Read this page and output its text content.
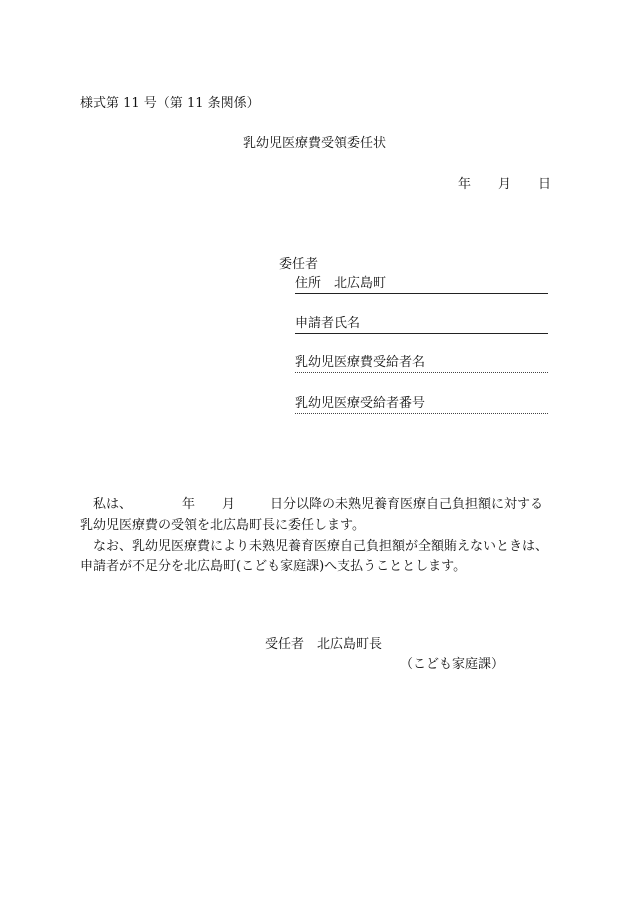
様式第 11 号（第 11 条関係）
乳幼児医療費受領委任状
年 月 日
委任者
住所 北広島町
申請者氏名
乳幼児医療費受給者名
乳幼児医療受給者番号
私は、	年 月	日分以降の未熟児養育医療自己負担額に対する
乳幼児医療費の受領を北広島町長に委任します。
なお、乳幼児医療費により未熟児養育医療自己負担額が全額賄えないときは、
申請者が不足分を北広島町(こども家庭課)へ支払うこととします。
受任者 北広島町長
（こども家庭課）
